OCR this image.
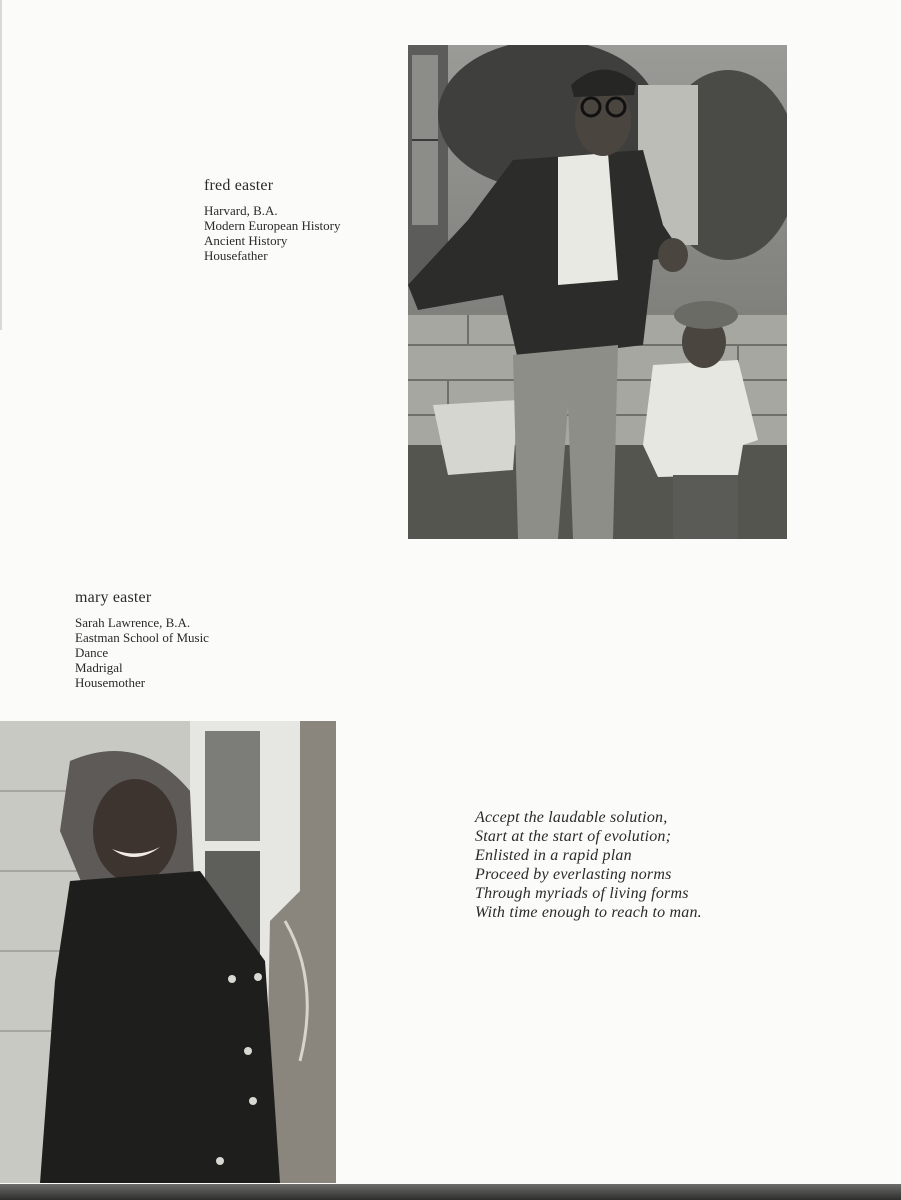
fred easter
Harvard, B.A.
Modern European History
Ancient History
Housefather
mary easter
Sarah Lawrence, B.A.
Eastman School of Music
Dance
Madrigal
Housemother
Accept the laudable solution,
Start at the start of evolution;
Enlisted in a rapid plan
Proceed by everlasting norms
Through myriads of living forms
With time enough to reach to man.
